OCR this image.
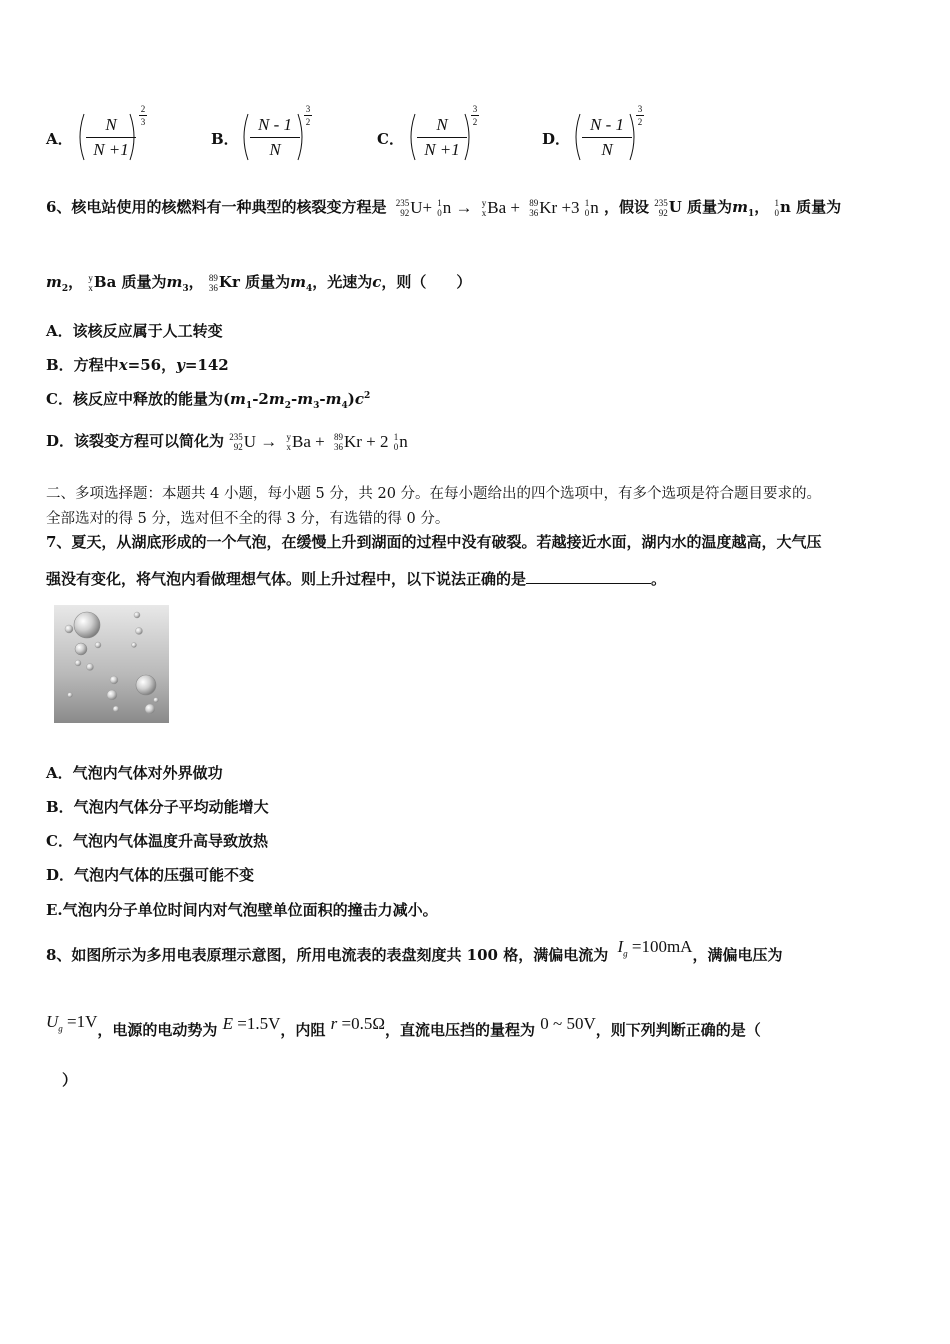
A．
N
N +1
2
3
B．
N - 1
N
3
2
C．
N
N +1
3
2
D．
N - 1
N
3
2
6、核电站使用的核燃料有一种典型的核裂变方程是 235
92 U+
1
0 n →
y
x Ba +
89
36 Kr +3
1
0 n ，假设 235
92 U 质量为$m_1$， 1
0 n 质量为
$m_2$， y
x Ba 质量为$m_3$， 89
36 Kr 质量为$m_4$，光速为c，则（　　）
A．该核反应属于人工转变
B．方程中x=56，y=142
C．核反应中释放的能量为$(m_1-2m_2-m_3-m_4)c^2$
D．该裂变方程可以简化为 235
92 U →
y
x Ba +
89
36 Kr + 2
1
0 n
二、多项选择题：本题共 4 小题，每小题 5 分，共 20 分。在每小题给出的四个选项中，有多个选项是符合题目要求的。
全部选对的得 5 分，选对但不全的得 3 分，有选错的得 0 分。
7、夏天，从湖底形成的一个气泡，在缓慢上升到湖面的过程中没有破裂。若越接近水面，湖内水的温度越高，大气压
强没有变化，将气泡内看做理想气体。则上升过程中，以下说法正确的是	。
A．气泡内气体对外界做功
B．气泡内气体分子平均动能增大
C．气泡内气体温度升高导致放热
D．气泡内气体的压强可能不变
E.气泡内分子单位时间内对气泡壁单位面积的撞击力减小。
8、如图所示为多用电表原理示意图，所用电流表的表盘刻度共 100 格，满偏电流为 $I_g =100mA$，满偏电压为
$U_g =1V$，电源的电动势为 E =1.5V，内阻 r =0.5Ω，直流电压挡的量程为 0 ~ 50V，则下列判断正确的是（
）
